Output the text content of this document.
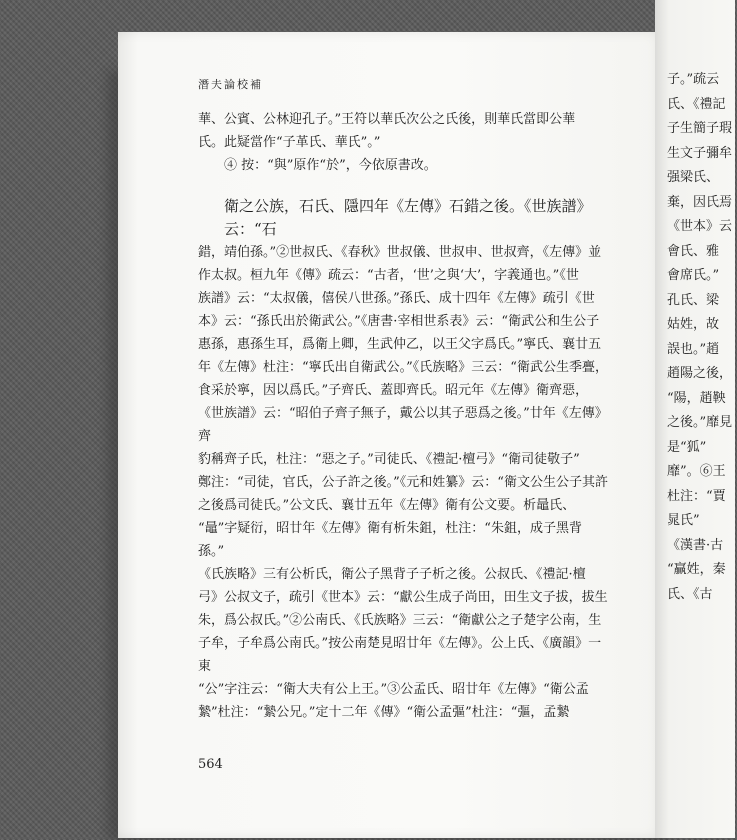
潛夫論校補

華、公賓、公林迎孔子。”王符以華氏次公之氏後，則華氏當即公華

氏。此疑當作“子革氏、華氏”。”

④ 按：“與”原作“於”，今依原書改。

衛之公族，石氏、隱四年《左傳》石錯之後。《世族譜》云：“石

錯，靖伯孫。”②世叔氏、《春秋》世叔儀、世叔申、世叔齊，《左傳》並

作太叔。桓九年《傳》疏云：“古者，‘世’之與‘大’，字義通也。”《世

族譜》云：“太叔儀，僖侯八世孫。”孫氏、成十四年《左傳》疏引《世

本》云：“孫氏出於衛武公。”《唐書·宰相世系表》云：“衛武公和生公子

惠孫，惠孫生耳，爲衛上卿，生武仲乙，以王父字爲氏。”寧氏、襄廿五

年《左傳》杜注：“寧氏出自衛武公。”《氏族略》三云：“衛武公生季亹，

食采於寧，因以爲氏。”子齊氏、蓋即齊氏。昭元年《左傳》衛齊惡，

《世族譜》云：“昭伯子齊子無子，戴公以其子惡爲之後。”廿年《左傳》齊

豹稱齊子氏，杜注：“惡之子。”司徒氏、《禮記·檀弓》“衛司徒敬子”

鄭注：“司徒，官氏，公子許之後。”《元和姓纂》云：“衛文公生公子其許

之後爲司徒氏。”公文氏、襄廿五年《左傳》衛有公文要。析鼂氏、

“鼂”字疑衍，昭廿年《左傳》衛有析朱鉏，杜注：“朱鉏，成子黑背孫。”

《氏族略》三有公析氏，衛公子黑背子子析之後。公叔氏、《禮記·檀

弓》公叔文子，疏引《世本》云：“獻公生成子尚田，田生文子拔，拔生

朱，爲公叔氏。”②公南氏、《氏族略》三云：“衛獻公之子楚字公南，生

子牟，子牟爲公南氏。”按公南楚見昭廿年《左傳》。公上氏、《廣韻》一東

“公”字注云：“衛大夫有公上王。”③公孟氏、昭廿年《左傳》“衛公孟

縶”杜注：“縶公兄。”定十二年《傳》“衛公孟彄”杜注：“彄，孟縶

564
子。”疏云
氏、《禮記
子生簡子瑕
生文子彌牟
强梁氏、
棄，因氏焉
《世本》云
會氏、雅
會席氏。”
孔氏、梁
姑姓，故
誤也。”趙
趙陽之後，
“陽，趙鞅
之後。”靡見
是“狐”
靡”。⑥王
杜注：“賈
晁氏”
《漢書·古
“贏姓，秦
氏、《古
